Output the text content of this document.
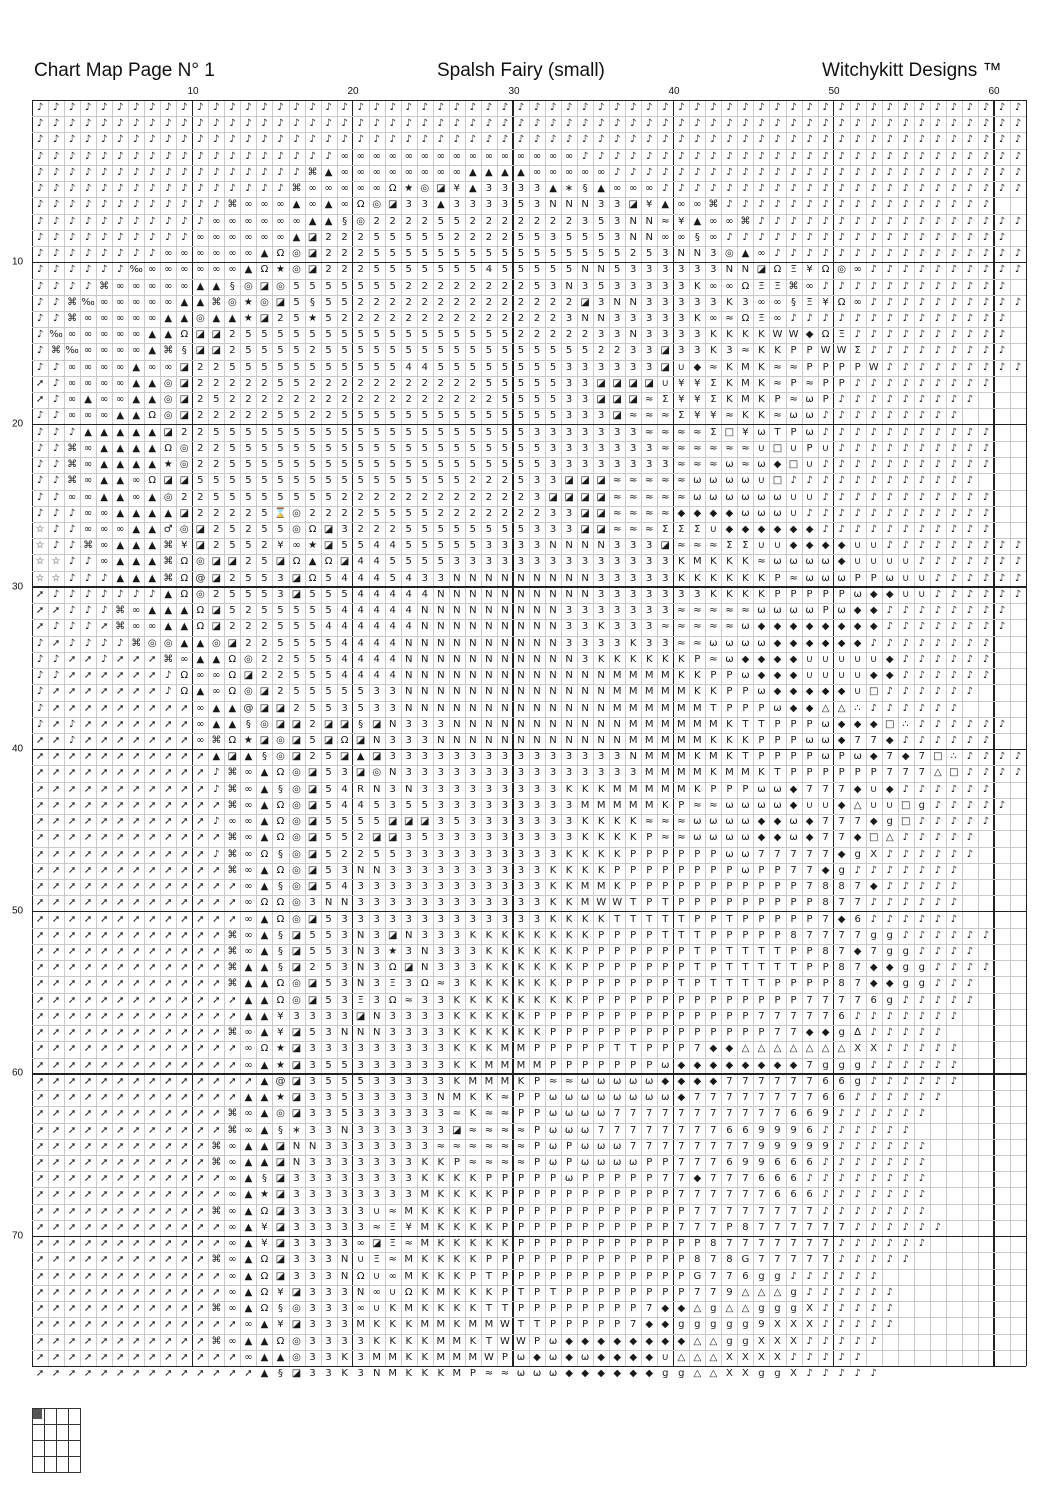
Chart Map Page N° 1	Spalsh Fairy (small)	Witchykitt Designs ™
10	20	30	40	50	60
10
20
30
40
50
60
70
♪ ♪ ♪ ♪ ♪ ♪ ♪ ♪ ♪ ♪ ♪ ♪ ♪ ♪ ♪ ♪ ♪ ♪ ♪ ♪ ♪ ♪ ♪ ♪ ♪ ♪ ♪ ♪ ♪ ♪ ♪ ♪ ♪ ♪ ♪ ♪ ♪ ♪ ♪ ♪ ♪ ♪ ♪ ♪ ♪ ♪ ♪ ♪ ♪ ♪ ♪ ♪ ♪ ♪ ♪ ♪ ♪ ♪ ♪ ♪ ♪ ♪
♪ ♪ ♪ ♪ ♪ ♪ ♪ ♪ ♪ ♪ ♪ ♪ ♪ ♪ ♪ ♪ ♪ ♪ ♪ ♪ ♪ ♪ ♪ ♪ ♪ ♪ ♪ ♪ ♪ ♪ ♪ ♪ ♪ ♪ ♪ ♪ ♪ ♪ ♪ ♪ ♪ ♪ ♪ ♪ ♪ ♪ ♪ ♪ ♪ ♪ ♪ ♪ ♪ ♪ ♪ ♪ ♪ ♪ ♪ ♪ ♪ ♪
♪ ♪ ♪ ♪ ♪ ♪ ♪ ♪ ♪ ♪ ♪ ♪ ♪ ♪ ♪ ♪ ♪ ♪ ♪ ♪ ♪ ♪ ♪ ♪ ♪ ♪ ♪ ♪ ♪ ♪ ♪ ♪ ♪ ♪ ♪ ♪ ♪ ♪ ♪ ♪ ♪ ♪ ♪ ♪ ♪ ♪ ♪ ♪ ♪ ♪ ♪ ♪ ♪ ♪ ♪ ♪ ♪ ♪ ♪ ♪ ♪ ♪
♪ ♪ ♪ ♪ ♪ ♪ ♪ ♪ ♪ ♪ ♪ ♪ ♪ ♪ ♪ ♪ ♪ ♪ ♪ ∞ ∞ ∞ ∞ ∞ ∞ ∞ ∞ ∞ ∞ ∞ ∞ ∞ ∞ ∞ ♪ ♪ ♪ ♪ ♪ ♪ ♪ ♪ ♪ ♪ ♪ ♪ ♪ ♪ ♪ ♪ ♪ ♪ ♪ ♪ ♪ ♪ ♪ ♪ ♪ ♪ ♪ ♪
♪ ♪ ♪ ♪ ♪ ♪ ♪ ♪ ♪ ♪ ♪ ♪ ♪ ♪ ♪ ♪ ♪ ⌘ ▲ ∞ ∞ ∞ ∞ ∞ ∞ ∞ ∞ ▲ ▲ ▲ ▲ ∞ ∞ ∞ ∞ ∞ ♪ ♪ ♪ ♪ ♪ ♪ ♪ ♪ ♪ ♪ ♪ ♪ ♪ ♪ ♪ ♪ ♪ ♪ ♪ ♪ ♪ ♪ ♪ ♪ ♪ ♪
♪ ♪ ♪ ♪ ♪ ♪ ♪ ♪ ♪ ♪ ♪ ♪ ♪ ♪ ♪ ♪ ⌘ ∞ ∞ ∞ ∞ ∞ Ω ★ ◎ ◪ ¥ ▲ 3 3 3 3 ▲ ∗ § ▲ ∞ ∞ ∞ ♪ ♪ ♪ ♪ ♪ ♪ ♪ ♪ ♪ ♪ ♪ ♪ ♪ ♪ ♪ ♪ ♪ ♪ ♪ ♪ ♪ ♪ ♪
♪ ♪ ♪ ♪ ♪ ♪ ♪ ♪ ♪ ♪ ♪ ♪ ⌘ ∞ ∞ ∞ ▲ ∞ ▲ ∞ Ω ◎ ◪ 3 3 ▲ 3 3 3 3 5 3 N N N 3 3 ◪ ¥ ▲ ∞ ∞ ⌘ ♪ ♪ ♪ ♪ ♪ ♪ ♪ ♪ ♪ ♪ ♪ ♪ ♪ ♪ ♪ ♪ ♪
♪ ♪ ♪ ♪ ♪ ♪ ♪ ♪ ♪ ♪ ♪ ∞ ∞ ∞ ∞ ∞ ∞ ▲ ▲ § ◎ 2 2 2 2 5 5 2 2 2 2 2 2 2 3 5 3 N N ≈ ¥ ▲ ∞ ∞ ⌘ ♪ ♪ ♪ ♪ ♪ ♪ ♪ ♪ ♪ ♪ ♪ ♪ ♪ ♪ ♪ ♪ ♪
♪ ♪ ♪ ♪ ♪ ♪ ♪ ♪ ♪ ♪ ∞ ∞ ∞ ∞ ∞ ∞ ▲ ◪ 2 2 2 5 5 5 5 5 2 2 2 2 5 5 3 5 5 5 3 N N ∞ ∞ § ∞ ♪ ♪ ♪ ♪ ♪ ♪ ♪ ♪ ♪ ♪ ♪ ♪ ♪ ♪ ♪ ♪ ♪ ♪
♪ ♪ ♪ ♪ ♪ ♪ ♪ ♪ ∞ ∞ ∞ ∞ ∞ ∞ ▲ Ω ◎ ◪ 2 2 2 5 5 5 5 5 5 5 5 5 5 5 5 5 5 5 5 2 5 3 N N 3 ◎ ▲ ∞ ♪ ♪ ♪ ♪ ♪ ♪ ♪ ♪ ♪ ♪ ♪ ♪ ♪ ♪ ♪ ♪
♪ ♪ ♪ ♪ ♪ ♪ ‰ ∞ ∞ ∞ ∞ ∞ ∞ ▲ Ω ★ ◎ ◪ 2 2 2 5 5 5 5 5 5 5 4 5 5 5 5 5 N N 5 3 3 3 3 3 3 N N ◪ Ω Ξ ¥ Ω ◎ ∞ ♪ ♪ ♪ ♪ ♪ ♪ ♪ ♪ ♪ ♪
♪ ♪ ♪ ♪ ⌘ ∞ ∞ ∞ ∞ ∞ ▲ ▲ § ◎ ◪ ◎ 5 5 5 5 5 5 5 2 2 2 2 2 2 2 2 5 3 N 3 5 3 3 3 3 3 K ∞ ∞ Ω Ξ Ξ ⌘ ∞ ♪ ♪ ♪ ♪ ♪ ♪ ♪ ♪ ♪ ♪ ♪ ♪
♪ ♪ ⌘ ‰ ∞ ∞ ∞ ∞ ∞ ▲ ▲ ⌘ ◎ ★ ◎ ◪ 5	§	5 5 2 2 2 2 2 2 2 2 2 2 2 2 2 2 ◪ 3 N N 3 3 3 3 3 K 3 ∞ ∞ §	Ξ ¥ Ω ∞ ♪ ♪ ♪ ♪ ♪ ♪ ♪ ♪ ♪ ♪
♪ ♪ ⌘ ∞ ∞ ∞ ∞ ∞ ▲ ▲ ◎ ▲ ▲ ★ ◪ 2 5 ★ 5 2 2 2 2 2 2 2 2 2 2 2 2 2 2 3 N N 3 3 3 3 3 K ∞ ≈ Ω Ξ ∞ ♪ ♪ ♪ ♪ ♪ ♪ ♪ ♪ ♪ ♪ ♪ ♪ ♪ ♪
♪ ‰ ∞ ∞ ∞ ∞ ∞ ▲ ▲ Ω ◪ ◪ 2 5 5 5 5 5 5 5 5 5 5 5 5 5 5 5 5 5 2 2 2 2 2 3 3 N 3 3 3 3 K K K K W W ◆ Ω Ξ ♪ ♪ ♪ ♪ ♪ ♪ ♪ ♪ ♪ ♪
♪ ⌘ ‰ ∞ ∞ ∞ ∞ ▲ ⌘ § ◪ ◪ 2 5 5 5 5 2 5 5 5 5 5 5 5 5 5 5 5 5 5 5 5 5 5 2 2 3 3 ◪ 3 3 K 3 ≈ K K P	P W W Σ ♪ ♪ ♪ ♪ ♪ ♪ ♪ ♪ ♪
♪ ♪ ∞ ∞ ∞ ∞ ▲ ∞ ∞ ◪ 2 2 5 5 5 5 5 5 5 5 5 5 5 4 4 5 5 5 5 5 5 5 5 3 3 3 3 3 3 ◪ ∪ ◆ ≈ K M K ≈ ≈ P	P	P	P W ♪ ♪ ♪ ♪ ♪ ♪ ♪ ♪ ♪
➚ ♪ ∞ ∞ ∞ ∞ ▲ ▲ ◎ ◪ 2 2 2 2 2 5 5 2 2 2 2 2 2 2 2 2 2 2 5 5 5 5 5 3 3 ◪ ◪ ◪ ◪ ∪ ¥ ¥ Σ K M K ≈ P ≈ P	P ♪ ♪ ♪ ♪ ♪ ♪ ♪ ♪ ♪
➚ ♪ ∞ ▲ ∞ ∞ ▲ ▲ ◎ ◪ 2 5 2 2 2 2 2 2 2 2 2 2 2 2 2 2 2 2 2 5 5 5 5 3 3 ◪ ◪ ◪ ≈ Σ ¥ ¥ Σ K M K P ≈ ω P ♪ ♪ ♪ ♪ ♪ ♪ ♪ ♪ ♪
♪ ♪ ∞ ∞ ∞ ▲ ▲ Ω ◎ ◪ 2 2 2 2 2 5 5 2 2 5 5 5 5 5 5 5 5 5 5 5 5 5 5 3 3 3 ◪ ≈ ≈ ≈ Σ ¥ ¥ ≈ K K ≈ ω ω ♪ ♪ ♪ ♪ ♪ ♪ ♪ ♪ ♪
♪ ♪ ♪ ▲ ▲ ▲ ▲ ▲ ◪ 2 2 5 5 5 5 5 5 5 5 5 5 5 5 5 5 5 5 5 5 5 5 3 3 3 3 3 3 3 ≈ ≈ ≈ ≈ Σ □ ¥ ω T P ω ♪ ♪ ♪ ♪ ♪ ♪ ♪ ♪ ♪ ♪ ♪
♪ ♪ ⌘ ∞ ▲ ▲ ▲ ▲ Ω ◎ 2 2 5 5 5 5 5 5 5 5 5 5 5 5 5 5 5 5 5 5 5 5 3 3 3 3 3 3 3 ≈ ≈ ≈ ≈ ≈ ≈ ∪ □ ∪ P ∪ ♪ ♪ ♪ ♪ ♪ ♪ ♪ ♪ ♪ ♪
♪ ♪ ⌘ ∞ ▲ ▲ ▲ ▲ ★ ◎ 2 2 5 5 5 5 5 5 5 5 5 5 5 5 5 5 5 5 5 5 5 5 3 3 3 3 3 3 3 3 ≈ ≈ ≈ ω ≈ ω ◆ □ ∪ ♪ ♪ ♪ ♪ ♪ ♪ ♪ ♪ ♪ ♪ ♪
♪ ♪ ⌘ ∞ ▲ ▲ ∞ Ω ◪ ◪ 5 5 5 5 5 5 5 5 5 5 5 5 5 5 5 5 5 2 2 2 5 3 3 ◪ ◪ ◪ ≈ ≈ ≈ ≈ ≈ ω ω ω ω ∪ □ ♪ ♪ ♪ ♪ ♪ ♪ ♪ ♪ ♪ ♪ ♪ ♪
♪ ♪ ∞ ∞ ▲ ▲ ∞ ▲ ◎ 2 2 5 5 5 5 5 5 5 5 2 2 2 2 2 2 2 2 2 2 2 2 3 ◪ ◪ ◪ ◪ ≈ ≈ ≈ ≈ ≈ ω ω ω ω ω ω ∪ ∪ ♪ ♪ ♪ ♪ ♪ ♪ ♪ ♪ ♪ ♪ ♪
♪ ♪ ♪ ∞ ∞ ▲ ▲ ▲ ▲ ◪ 2 2 2 2 5 ⌛ ◎ 2 2 2 2 5 5 5 5 2 2 2 2 2 2 2 3 3 ◪ ◪ ≈ ≈ ≈ ≈ ◆ ◆ ◆ ◆ ω ω ω ∪ ♪ ♪ ♪ ♪ ♪ ♪ ♪ ♪ ♪ ♪ ♪ ♪
☆ ♪ ♪ ∞ ∞ ∞ ▲ ▲ ♂ ◎ ◪ 2 5 2 5 5 ◎ Ω ◪ 3 2 2 2 5 5 5 5 5 5 5 5 3 3 3 ◪ ◪ ≈ ≈ ≈ Σ Σ Σ ∪ ◆ ◆ ◆ ◆ ◆ ◆ ♪ ♪ ♪ ♪ ♪ ♪ ♪ ♪ ♪ ♪ ♪
☆ ♪ ♪ ⌘ ∞ ▲ ▲ ▲ ⌘ ¥ ◪ 2 5 5 2 ¥ ∞ ★ ◪ 5 5 4 4 5 5 5 5 5 3 3 3 3 N N N N 3 3 3 ◪ ≈ ≈ ≈ Σ Σ ∪ ∪ ◆ ◆ ◆ ◆ ∪ ∪ ♪ ♪ ♪ ♪ ♪ ♪ ♪ ♪ ♪
☆ ☆ ♪ ♪ ∞ ▲ ▲ ▲ ⌘ Ω ◎ ◪ ◪ 2 5 ◪ Ω ▲ Ω ◪ 4 4 5 5 5 5 3 3 3 3 3 3 3 3 3 3 3 3 3 3 K M K K K ≈ ω ω ω ω ◆ ∪ ∪ ∪ ∪ ♪ ♪ ♪ ♪ ♪ ♪ ♪
☆ ☆ ♪ ♪ ♪ ▲ ▲ ▲ ⌘ Ω @ ◪ 2 5 5 3 ◪ Ω 5 4 4 4 5 4 3 3 N N N N N N N N N 3 3 3 3 3 K K K K K K P ≈ ω ω ω P	P ω ∪ ∪ ♪ ♪ ♪ ♪ ♪ ♪
➚ ♪ ♪ ♪ ♪ ♪ ♪ ♪ ▲ Ω ◎ 2 5 5 5 3 ◪ 5 5 5 4 4 4 4 4 N N N N N N N N N N 3 3 3 3 3 3 3 K K K K P	P	P	P	P ω ◆ ◆ ∪ ∪ ♪ ♪ ♪ ♪ ♪ ♪
➚ ➚ ♪ ♪ ♪ ⌘ ∞ ▲ ▲ ▲ Ω ◪ 5 2 5 5 5 5 5 4 4 4 4 4 N N N N N N N N N 3 3 3 3 3 3 3 ≈ ≈ ≈ ≈ ≈ ω ω ω ω P ω ◆ ◆ ♪ ♪ ♪ ♪ ♪ ♪ ♪ ♪
➚ ♪ ♪ ♪ ➚ ⌘ ∞ ∞ ▲ ▲ Ω ◪ 2 2 2 5 5 5 4 4 4 4 4 4 N N N N N N N N N 3 3 K 3 3 3 ≈ ≈ ≈ ≈ ≈ ω ◆ ◆ ◆ ◆ ◆ ◆ ◆ ◆ ♪ ♪ ♪ ♪ ♪ ♪ ♪ ♪
♪ ➚ ♪ ♪ ♪ ♪ ⌘ ◎ ◎ ▲ ▲ ◎ ◪ 2 2 5 5 5 5 4 4 4 4 N N N N N N N N N N 3 3 3 3 K 3 3 ≈ ≈ ω ω ω ω ◆ ◆ ◆ ◆ ◆ ◆ ♪ ♪ ♪ ♪ ♪ ♪ ♪ ♪
♪ ♪ ➚ ➚ ♪ ➚ ➚ ➚ ⌘ ∞ ▲ ▲ Ω ◎ 2 2 5 5 5 4 4 4 4 N N N N N N N N N N N 3 K K K K K K P ≈ ω ◆ ◆ ◆ ◆ ∪ ∪ ∪ ∪ ∪ ◆ ♪ ♪ ♪ ♪ ♪ ♪
♪ ♪ ➚ ➚ ➚ ➚ ➚ ➚ ♪ Ω ∞ ∞ Ω ◪ 2 2 5 5 5 4 4 4 4 N N N N N N N N N N N N N M M M M K K P	P ω ◆ ◆ ◆ ∪ ∪ ∪ ∪ ◆ ◆ ♪ ♪ ♪ ♪ ♪ ♪
♪ ➚ ➚ ➚ ➚ ➚ ➚ ➚ ♪ Ω ▲ ∞ Ω ◎ ◪ 2 5 5 5 5 5 3 3 N N N N N N N N N N N N N M M M M M K K P	P ω ◆ ◆ ◆ ◆ ◆ ∪ □ ♪ ♪ ♪ ♪ ♪ ♪
♪ ➚ ➚ ➚ ➚ ➚ ➚ ➚ ➚ ➚ ∞ ▲ ▲ @ ◪ ◪ 2 5 5 3 5 3 3 N N N N N N N N N N N N N M M M M M M T P	P	P ω ◆ ◆ △ △ ∴ ♪ ♪ ♪ ♪ ♪ ♪
♪ ➚ ♪ ➚ ➚ ➚ ➚ ➚ ➚ ➚ ∞ ▲ ▲ § ◎ ◪ ◪ 2 ◪ ◪ § ◪ N 3 3 3 N N N N N N N N N N N M M M M M M K T T P	P	P ω ◆ ◆ ◆ □ ∴ ♪ ♪ ♪ ♪ ♪ ♪
➚ ➚ ♪ ➚ ➚ ➚ ➚ ➚ ➚ ➚ ∞ ⌘ Ω ★ ◪ ◎ ◪ 5 ◪ Ω ◪ N 3 3 3 N N N N N N N N N N N N M M M M M K K K P	P	P ω ω ◆ 7 7 ◆ ♪ ♪ ♪ ♪ ♪ ♪
➚ ➚ ➚ ➚ ➚ ➚ ➚ ➚ ➚ ➚ ➚ ▲ ◪ ▲ § ◎ ◪ 2 5 ◪ ▲ ◪ 3 3 3 3 3 3 3 3 3 3 3 3 3 3 3 N M M M K M K T P	P	P	P ω P ω ◆ 7 ◆ 7 □ ∴ ♪ ♪ ♪ ♪
➚ ➚ ➚ ➚ ➚ ➚ ➚ ➚ ➚ ➚ ➚ ♪ ⌘ ∞ ▲ Ω ◎ ◪ 5 3 ◪ ◎ N 3 3 3 3 3 3 3 3 3 3 3 3 3 3 3 M M M M K M M K T P	P	P	P	P	P 7 7 7 △ □ ♪ ♪ ♪ ♪
➚ ➚ ➚ ➚ ➚ ➚ ➚ ➚ ➚ ➚ ➚ ♪ ⌘ ∞ ▲ § ◎ ◪ 5 4 R N 3 N 3 3 3 3 3 3 3 3 3 K K K M M M M M K P	P	P ω ω ◆ 7 7 7 ◆ ∪ ◆ ♪ ♪ ♪ ♪ ♪ ♪
➚ ➚ ➚ ➚ ➚ ➚ ➚ ➚ ➚ ➚ ➚ ➚ ⌘ ∞ ▲ Ω ◎ ◪ 5 4 4 5 3 5 5 3 3 3 3 3 3 3 3 3 M M M M M K P ≈ ≈ ω ω ω ω ◆ ∪ ∪ ◆ △ ∪ ∪ □ g ♪ ♪ ♪ ♪ ♪
➚ ➚ ➚ ➚ ➚ ➚ ➚ ➚ ➚ ➚ ➚ ♪ ∞ ∞ ▲ Ω ◎ ◪ 5 5 5 5 ◪ ◪ ◪ 3 5 3 3 3 3 3 3 3 K K K K ≈ ≈ ≈ ω ω ω ω ◆ ◆ ω ◆ 7 7 7 ◆ g □ ♪ ♪ ♪ ♪ ♪
➚ ➚ ➚ ➚ ➚ ➚ ➚ ➚ ➚ ➚ ➚ ➚ ⌘ ∞ ▲ Ω ◎ ◪ 5 5 2 ◪ ◪ 3 5 3 3 3 3 3 3 3 3 3 K K K K P ≈ ≈ ω ω ω ω ◆ ◆ ω ◆ 7 7 ◆ □ △ ♪ ♪ ♪ ♪ ♪
➚ ➚ ➚ ➚ ➚ ➚ ➚ ➚ ➚ ➚ ➚ ♪ ⌘ ∞ Ω § ◎ ◪ 5 2 2 5 5 3 3 3 3 3 3 3 3 3 3 K K K K P	P	P	P	P	P ω ω 7 7 7 7 7 ◆ g Ⅹ ♪ ♪ ♪ ♪ ♪ ♪
➚ ➚ ➚ ➚ ➚ ➚ ➚ ➚ ➚ ➚ ➚ ➚ ⌘ ∞ ▲ Ω ◎ ◪ 5 3 N N 3 3 3 3 3 3 3 3 3 3 K K K K P	P	P	P	P	P	P	P ω P	P 7 7 ◆ g ♪ ♪ ♪ ♪ ♪ ♪ ♪
➚ ➚ ➚ ➚ ➚ ➚ ➚ ➚ ➚ ➚ ➚ ➚ ➚ ∞ ▲ § ◎ ◪ 5 4 3 3 3 3 3 3 3 3 3 3 3 3 K K M M K P	P	P	P	P	P	P	P	P	P	P 7 8 8 7 ◆ ♪ ♪ ♪ ♪ ♪
➚ ➚ ➚ ➚ ➚ ➚ ➚ ➚ ➚ ➚ ➚ ➚ ➚ ∞ Ω Ω ◎ 3 N N 3 3 3 3 3 3 3 3 3 3 3 3 K K M W W T P T P	P	P	P	P	P	P	P	P 8 7 7 ♪ ♪ ♪ ♪ ♪ ♪
➚ ➚ ➚ ➚ ➚ ➚ ➚ ➚ ➚ ➚ ➚ ➚ ➚ ∞ ▲ Ω ◎ ◪ 5 3 3 3 3 3 3 3 3 3 3 3 3 3 K K K K T T T T T P	P T P	P	P	P	P 7 ◆ 6 ♪ ♪ ♪ ♪ ♪ ♪
➚ ➚ ➚ ➚ ➚ ➚ ➚ ➚ ➚ ➚ ➚ ➚ ⌘ ∞ ▲ § ◪ 5 5 3 N 3 ◪ N 3 3 3 K K K K K K K K P	P	P	P T T T P	P	P	P	P 8 7 7 7 7 g g ♪ ♪ ♪ ♪ ♪ ♪
➚ ➚ ➚ ➚ ➚ ➚ ➚ ➚ ➚ ➚ ➚ ➚ ⌘ ∞ ▲ § ◪ 5 5 3 N 3 ★ 3 N 3 3 3 K K K K K K P	P	P	P	P	P	P T P T T T T P	P 8 7 ◆ 7 g g ♪ ♪ ♪ ♪
➚ ➚ ➚ ➚ ➚ ➚ ➚ ➚ ➚ ➚ ➚ ➚ ⌘ ▲ ▲ § ◪ 2 5 3 N 3 Ω ◪ N 3 3 3 K K K K K K P	P	P	P	P	P	P T P T T T T T P	P 8 7 ◆ ◆ g g ♪ ♪ ♪ ♪
➚ ➚ ➚ ➚ ➚ ➚ ➚ ➚ ➚ ➚ ➚ ➚ ⌘ ▲ ▲ Ω ◎ ◪ 5 3 N 3 Ξ 3 Ω ≈ 3 K K K K K K P	P	P	P	P	P	P T P T T T T P	P	P	P 8 7 ◆ ◆ g g ♪ ♪ ♪
➚ ➚ ➚ ➚ ➚ ➚ ➚ ➚ ➚ ➚ ➚ ➚ ➚ ▲ ▲ Ω ◎ ◪ 5 3 Ξ 3 Ω ≈ 3 3 K K K K K K K K P	P	P	P	P	P	P	P	P	P	P	P	P	P 7 7 7 7 6 g ♪ ♪ ♪ ♪ ♪
➚ ➚ ➚ ➚ ➚ ➚ ➚ ➚ ➚ ➚ ➚ ➚ ➚ ▲ ▲ ¥ 3 3 3 3 ◪ N 3 3 3 3 K K K K K P	P	P	P	P	P	P	P	P	P	P	P	P	P 7 7 7 7 7 6 ♪ ♪ ♪ ♪ ♪ ♪ ♪
➚ ➚ ➚ ➚ ➚ ➚ ➚ ➚ ➚ ➚ ➚ ➚ ⌘ ∞ ▲ ¥ ◪ 5 3 N N N 3 3 3 3 K K K K K K P	P	P	P	P	P	P	P	P	P	P	P	P	P 7 7 ◆ ◆ g ∆ ♪ ♪ ♪ ♪ ♪
➚ ➚ ➚ ➚ ➚ ➚ ➚ ➚ ➚ ➚ ➚ ➚ ➚ ∞ Ω ★ ◪ 3 3 3 3 3 3 3 3 3 K K K M M P	P	P	P	P T T P	P	P 7 ◆ ◆ △ △ △ △ △ △ △ Ⅹ Ⅹ ♪ ♪ ♪ ♪ ♪
➚ ➚ ➚ ➚ ➚ ➚ ➚ ➚ ➚ ➚ ➚ ➚ ➚ ∞ ▲ ★ ◪ 3 5 5 3 3 3 3 3 3 K K M M M M P	P	P	P	P	P	P ω ◆ ◆ ◆ ◆ ◆ ◆ ◆ ◆ 7 g g g ♪ ♪ ♪ ♪ ♪ ♪
➚ ➚ ➚ ➚ ➚ ➚ ➚ ➚ ➚ ➚ ➚ ➚ ➚ ➚ ▲ @ ◪ 3 5 5 5 3 3 3 3 3 K M M M K P ≈ ≈ ω ω ω ω ω ◆ ◆ ◆ ◆ 7 7 7 7 7 7 6 6 g ♪ ♪ ♪ ♪ ♪ ♪
➚ ➚ ➚ ➚ ➚ ➚ ➚ ➚ ➚ ➚ ➚ ➚ ➚ ▲ ▲ ★ ◪ 3 3 5 3 3 3 3 3 N M K K ≈ P	P ω ω ω ω ω ω ω ω ◆ 7 7 7 7 7 7 7 7 6 6 ♪ ♪ ♪ ♪ ♪ ♪
➚ ➚ ➚ ➚ ➚ ➚ ➚ ➚ ➚ ➚ ➚ ➚ ⌘ ∞ ▲ ◎ ◪ 3 3 5 3 3 3 3 3 3 ≈ K ≈ ≈ P	P ω ω ω ω 7 7 7 7 7 7 7 7 7 7 7 6 6 9 ♪ ♪ ♪ ♪ ♪ ♪
➚ ➚ ➚ ➚ ➚ ➚ ➚ ➚ ➚ ➚ ➚ ➚ ⌘ ∞ ▲ § ∗ 3 3 N 3 3 3 3 3 3 ◪ ≈ ≈ ≈ ≈ P ω ω ω 7 7 7 7 7 7 7 7 6 6 9 9 9 6 ♪ ♪ ♪ ♪ ♪ ♪
➚ ➚ ➚ ➚ ➚ ➚ ➚ ➚ ➚ ➚ ➚ ⌘ ∞ ▲ ▲ ◪ N N 3 3 3 3 3 3 3 ≈ ≈ ≈ ≈ ≈ ≈ P ω P ω ω ω 7 7 7 7 7 7 7 7 9 9 9 9 9 ♪ ♪ ♪ ♪ ♪ ♪
➚ ➚ ➚ ➚ ➚ ➚ ➚ ➚ ➚ ➚ ➚ ⌘ ∞ ▲ ▲ ◪ N 3 3 3 3 3 3 3 K K P ≈ ≈ ≈ ≈ P ω P ω ω ω ω P	P 7 7 7 6 9 9 6 6 6 ♪ ♪ ♪ ♪ ♪ ♪ ♪
➚ ➚ ➚ ➚ ➚ ➚ ➚ ➚ ➚ ➚ ➚ ➚ ∞ ▲ § ◪ 3 3 3 3 3 3 3 3 K K K K P	P	P	P	P ω P	P	P	P	P 7 7 ◆ 7 7 7 6 6 6 ♪ ♪ ♪ ♪ ♪ ♪ ♪ ♪
➚ ➚ ➚ ➚ ➚ ➚ ➚ ➚ ➚ ➚ ➚ ➚ ∞ ▲ ★ ◪ 3 3 3 3 3 3 3 3 M K K K K P	P	P	P	P	P	P	P	P	P	P 7 7 7 7 7 7 6 6 6 ♪ ♪ ♪ ♪ ♪ ♪ ♪
➚ ➚ ➚ ➚ ➚ ➚ ➚ ➚ ➚ ➚ ➚ ⌘ ∞ ▲ Ω ◪ 3 3 3 3 3 ∪ ≈ M K K K K P	P	P	P	P	P	P	P	P	P	P	P	P 7 7 7 7 7 7 7 7 ♪ ♪ ♪ ♪ ♪ ♪ ♪
➚ ➚ ➚ ➚ ➚ ➚ ➚ ➚ ➚ ➚ ➚ ➚ ∞ ▲ ¥ ◪ 3 3 3 3 3 ≈ Ξ ¥ M K K K K P	P	P	P	P	P	P	P	P	P	P 7 7 7 P 8 7 7 7 7 7 7 ♪ ♪ ♪ ♪ ♪ ♪
➚ ➚ ➚ ➚ ➚ ➚ ➚ ➚ ➚ ➚ ➚ ➚ ∞ ▲ ¥ ◪ 3 3 3 3 ∞ ◪ Ξ ≈ M K K K K K P	P	P	P	P	P	P	P	P	P	P	P 8 7 7 7 7 7 7 7 ♪ ♪ ♪ ♪ ♪ ♪
➚ ➚ ➚ ➚ ➚ ➚ ➚ ➚ ➚ ➚ ➚ ⌘ ∞ ▲ Ω ◪ 3 3 3 N ∪ Ξ ≈ M K K K K P	P	P	P	P	P	P	P	P	P	P	P	P 8 7 8 G 7 7 7 7 7 ♪ ♪ ♪ ♪ ♪
➚ ➚ ➚ ➚ ➚ ➚ ➚ ➚ ➚ ➚ ➚ ➚ ∞ ▲ Ω ◪ 3 3 3 N Ω ∪ ∞ M K K K P T P	P	P	P	P	P	P	P	P	P	P	P G 7 7 6 g g ♪ ♪ ♪ ♪ ♪ ♪
➚ ➚ ➚ ➚ ➚ ➚ ➚ ➚ ➚ ➚ ➚ ➚ ∞ ▲ Ω ¥ ◪ 3 3 3 N ∞ ∪ Ω K M K K K P T P T P	P	P	P	P	P	P	P 7 7 9 △ △ △ g ♪ ♪ ♪ ♪ ♪ ♪
➚ ➚ ➚ ➚ ➚ ➚ ➚ ➚ ➚ ➚ ➚ ⌘ ∞ ▲ Ω § ◎ 3 3 3 ∞ ∪ K M K K K K T T P	P	P	P	P	P	P	P 7 ◆ ◆ △ g △ △ g g g Ⅹ ♪ ♪ ♪ ♪ ♪
➚ ➚ ➚ ➚ ➚ ➚ ➚ ➚ ➚ ➚ ➚ ➚ ➚ ∞ ▲ ¥ ◪ 3 3 3 M K K K M M K M M W T T P	P	P	P	P 7 ◆ ◆ g g g g g 9 Ⅹ Ⅹ Ⅹ ♪ ♪ ♪ ♪ ♪
➚ ➚ ➚ ➚ ➚ ➚ ➚ ➚ ➚ ➚ ➚ ⌘ ∞ ▲ ▲ Ω ◎ 3 3 3 3 K K K K M M K T W W P ω ◆ ◆ ◆ ◆ ◆ ◆ ◆ ◆ △ △ g g Ⅹ Ⅹ Ⅹ ♪ ♪ ♪ ♪ ♪
➚ ➚ ➚ ➚ ➚ ➚ ➚ ➚ ➚ ➚ ➚ ➚ ➚ ∞ ▲ ▲ ◎ 3 3 K 3 M M K K M M M W P ω ◆ ω ◆ ω ◆ ◆ ◆ ◆ ∪ △ △ △ Ⅹ Ⅹ Ⅹ Ⅹ ♪ ♪ ♪ ♪ ♪
➚ ➚ ➚ ➚ ➚ ➚ ➚ ➚ ➚ ➚ ➚ ➚ ➚ ➚ ▲ § ◪ 3 3 K 3 N M K K K M P ≈ ≈ ω ω ω ◆ ◆ ◆ ◆ ◆ ◆ g g △ △ Ⅹ Ⅹ g g Ⅹ ♪ ♪ ♪ ♪ ♪
